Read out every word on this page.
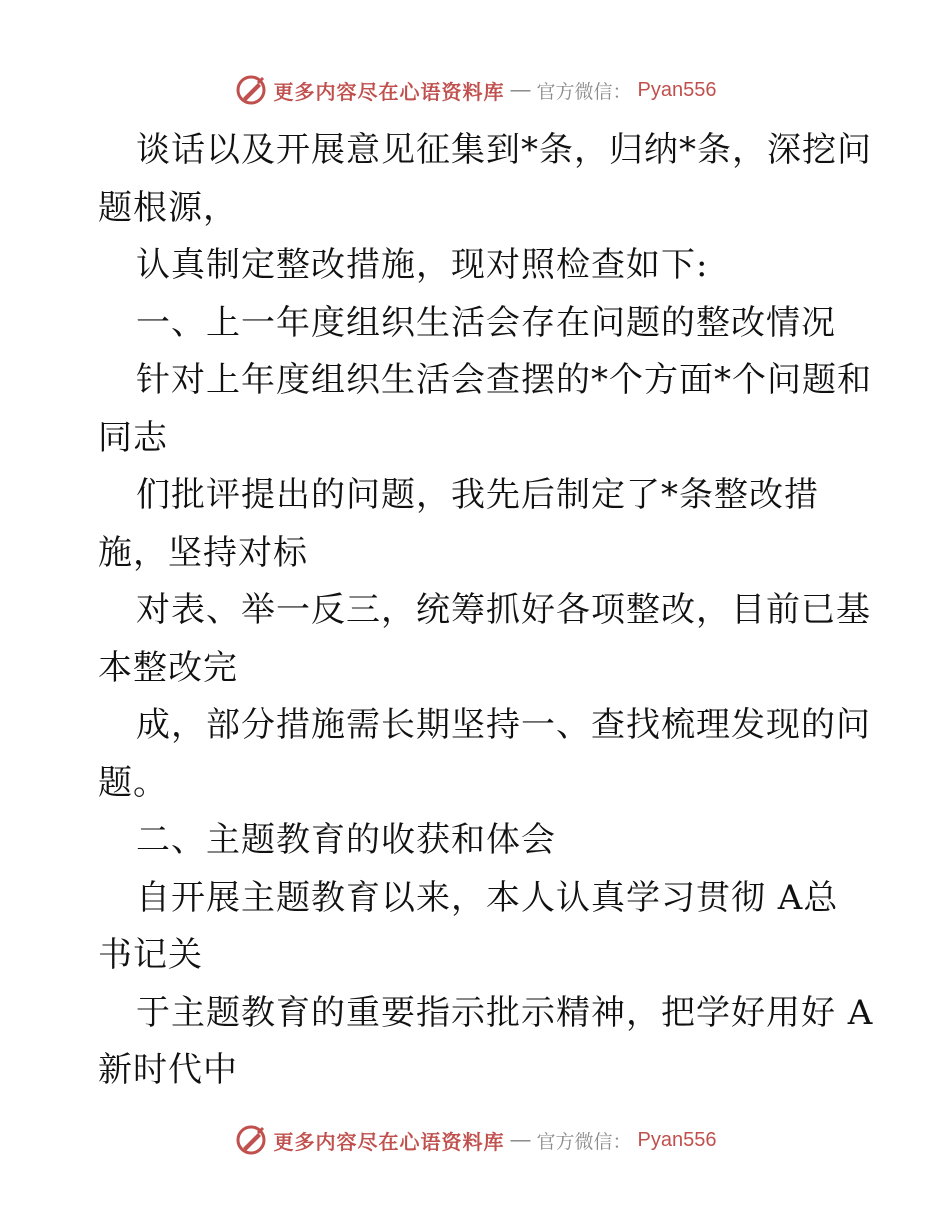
更多内容尽在心语资料库 — 官方微信： Pyan556
谈话以及开展意见征集到*条，归纳*条，深挖问
题根源，
认真制定整改措施，现对照检查如下:
一、上一年度组织生活会存在问题的整改情况
针对上年度组织生活会查摆的*个方面*个问题和
同志
们批评提出的问题，我先后制定了*条整改措
施，坚持对标
对表、举一反三，统筹抓好各项整改，目前已基
本整改完
成，部分措施需长期坚持一、查找梳理发现的问
题。
二、主题教育的收获和体会
自开展主题教育以来，本人认真学习贯彻 A总
书记关
于主题教育的重要指示批示精神，把学好用好 A
新时代中
更多内容尽在心语资料库 — 官方微信： Pyan556
